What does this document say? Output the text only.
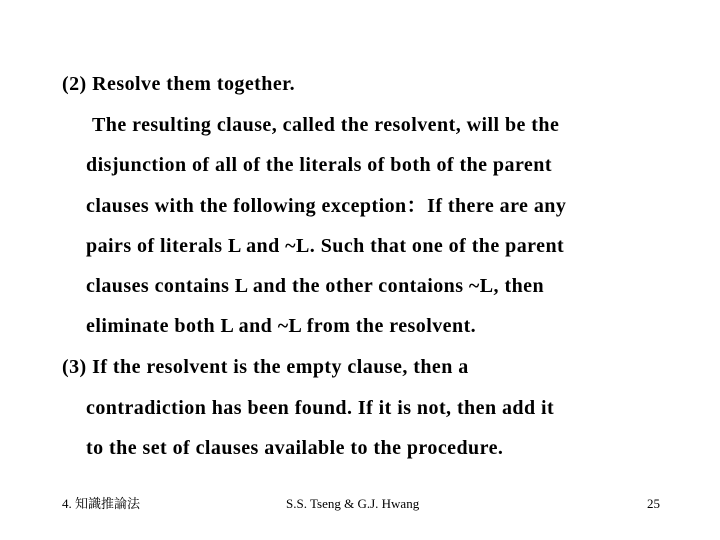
(2) Resolve them together.
The resulting clause, called the resolvent, will be the
disjunction of all of the literals of both of the parent
clauses with the following exception：If there are any
pairs of literals L and ~L. Such that one of the parent
clauses contains L and the other contaions ~L, then
eliminate both L and ~L from the resolvent.
(3) If the resolvent is the empty clause, then a
contradiction has been found. If it is not, then add it
to the set of clauses available to the procedure.
4. 知識推論法	S.S. Tseng & G.J. Hwang	25
